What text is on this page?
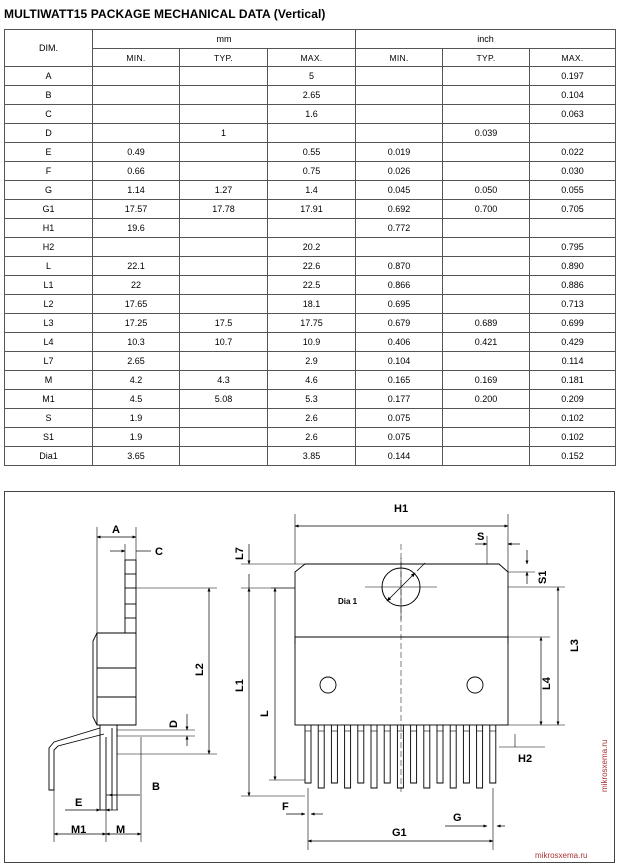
MULTIWATT15 PACKAGE MECHANICAL DATA (Vertical)
DIM.	mm			inch		
	MIN.	TYP.	MAX.	MIN.	TYP.	MAX.
A			5			0.197
B			2.65			0.104
C			1.6			0.063
D		1			0.039	
E	0.49		0.55	0.019		0.022
F	0.66		0.75	0.026		0.030
G	1.14	1.27	1.4	0.045	0.050	0.055
G1	17.57	17.78	17.91	0.692	0.700	0.705
H1	19.6			0.772		
H2			20.2			0.795
L	22.1		22.6	0.870		0.890
L1	22		22.5	0.866		0.886
L2	17.65		18.1	0.695		0.713
L3	17.25	17.5	17.75	0.679	0.689	0.699
L4	10.3	10.7	10.9	0.406	0.421	0.429
L7	2.65		2.9	0.104		0.114
M	4.2	4.3	4.6	0.165	0.169	0.181
M1	4.5	5.08	5.3	0.177	0.200	0.209
S	1.9		2.6	0.075		0.102
S1	1.9		2.6	0.075		0.102
Dia1	3.65		3.85	0.144		0.152
A
C
L2
D
B
E
M1	M
H1
S
S1
L7
Dia 1
L1
L
L3
L4
H2
F
G
G1
mikrosxema.ru
mikrosxema.ru
